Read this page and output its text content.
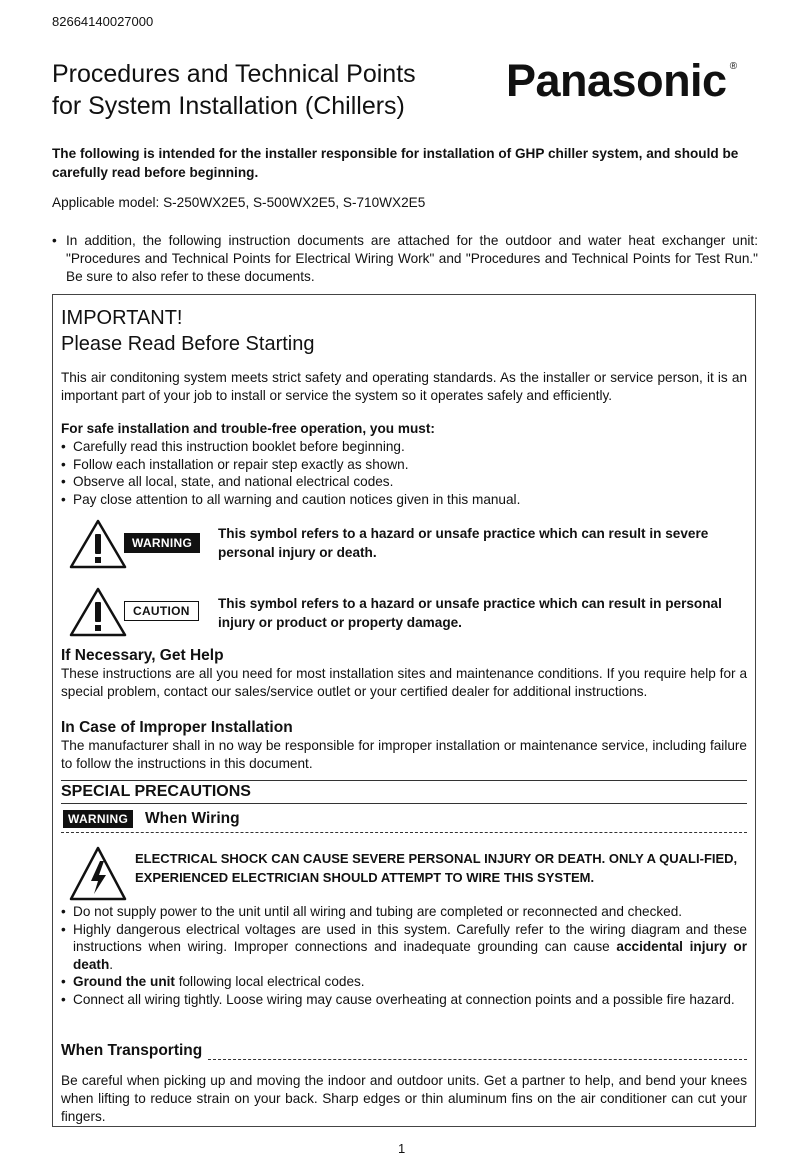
82664140027000
Procedures and Technical Points
for System Installation (Chillers) Panasonic ®

The following is intended for the installer responsible for installation of GHP chiller system, and should be carefully read before beginning.

Applicable model: S-250WX2E5, S-500WX2E5, S-710WX2E5
• In addition, the following instruction documents are attached for the outdoor and water heat exchanger unit: "Procedures and Technical Points for Electrical Wiring Work" and "Procedures and Technical Points for Test Run." Be sure to also refer to these documents.
IMPORTANT!
Please Read Before Starting
This air conditoning system meets strict safety and operating standards. As the installer or service person, it is an important part of your job to install or service the system so it operates safely and efficiently.
For safe installation and trouble-free operation, you must:
• Carefully read this instruction booklet before beginning.
• Follow each installation or repair step exactly as shown.
• Observe all local, state, and national electrical codes.
• Pay close attention to all warning and caution notices given in this manual.
WARNING
This symbol refers to a hazard or unsafe practice which can result in severe personal injury or death.
CAUTION	This symbol refers to a hazard or unsafe practice which can result in personal injury or product or property damage.
If Necessary, Get Help
These instructions are all you need for most installation sites and maintenance conditions. If you require help for a special problem, contact our sales/service outlet or your certified dealer for additional instructions.
In Case of Improper Installation
The manufacturer shall in no way be responsible for improper installation or maintenance service, including failure to follow the instructions in this document.
SPECIAL PRECAUTIONS
WARNING	When Wiring
ELECTRICAL SHOCK CAN CAUSE SEVERE PERSONAL INJURY OR DEATH. ONLY A QUALI-FIED, EXPERIENCED ELECTRICIAN SHOULD ATTEMPT TO WIRE THIS SYSTEM.
• Do not supply power to the unit until all wiring and tubing are completed or reconnected and checked.
• Highly dangerous electrical voltages are used in this system. Carefully refer to the wiring diagram and these instructions when wiring. Improper connections and inadequate grounding can cause accidental injury or death.
• Ground the unit following local electrical codes.
• Connect all wiring tightly. Loose wiring may cause overheating at connection points and a possible fire hazard.
When Transporting
Be careful when picking up and moving the indoor and outdoor units. Get a partner to help, and bend your knees when lifting to reduce strain on your back. Sharp edges or thin aluminum fins on the air conditioner can cut your fingers.
1
